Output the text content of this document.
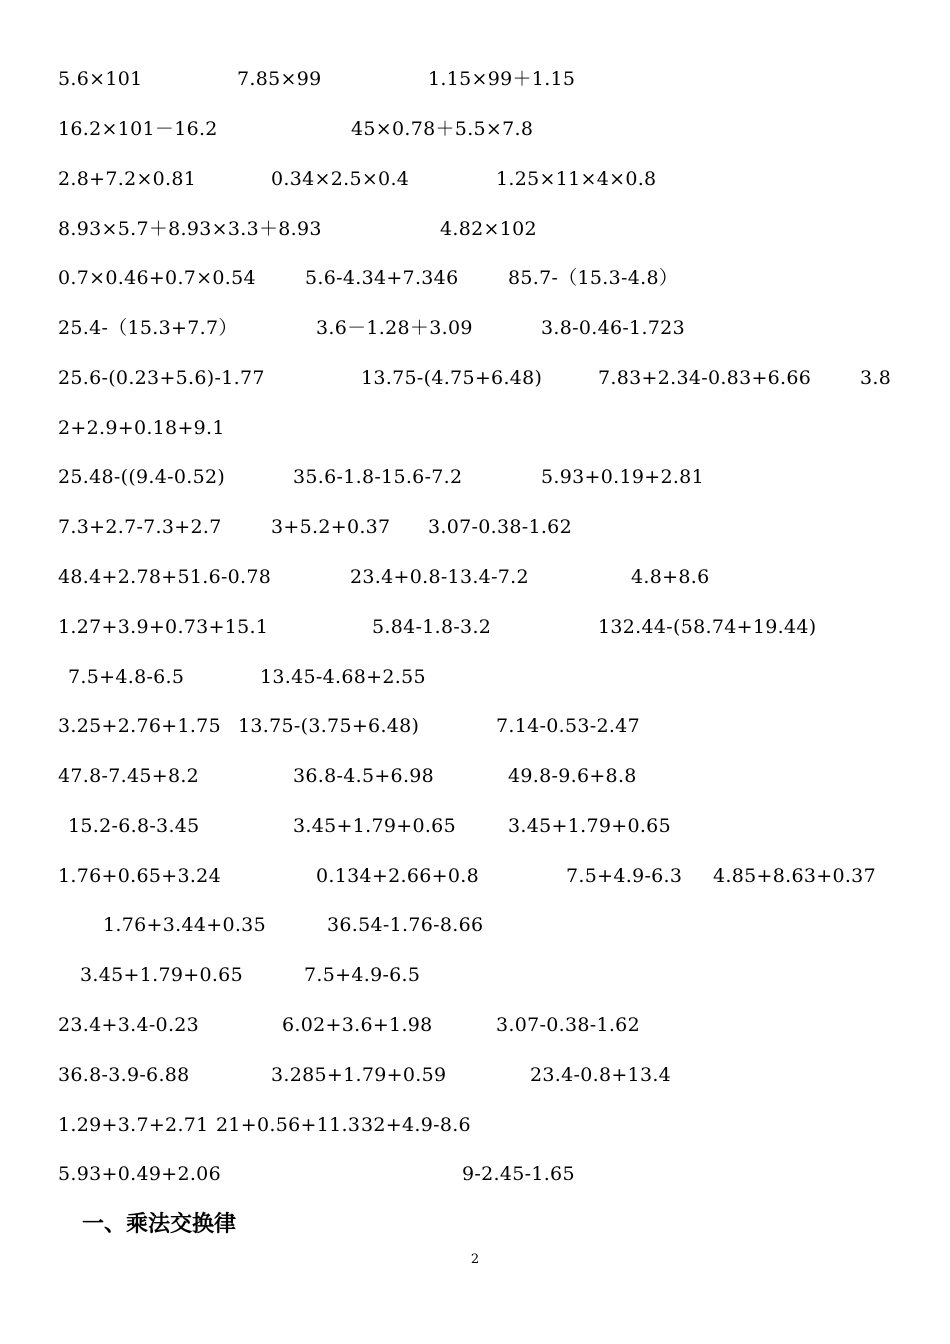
5.6×101	7.85×99	1.15×99＋1.15
16.2×101－16.2	45×0.78＋5.5×7.8
2.8+7.2×0.81	0.34×2.5×0.4	1.25×11×4×0.8
8.93×5.7＋8.93×3.3＋8.93	4.82×102
0.7×0.46+0.7×0.54	5.6-4.34+7.346	85.7-（15.3-4.8）
25.4-（15.3+7.7）	3.6－1.28＋3.09	3.8-0.46-1.723
25.6-(0.23+5.6)-1.77	13.75-(4.75+6.48)	7.83+2.34-0.83+6.66	3.8
2+2.9+0.18+9.1
25.48-((9.4-0.52)	35.6-1.8-15.6-7.2	5.93+0.19+2.81
7.3+2.7-7.3+2.7	3+5.2+0.37 3.07-0.38-1.62
48.4+2.78+51.6-0.78	23.4+0.8-13.4-7.2	4.8+8.6
1.27+3.9+0.73+15.1	5.84-1.8-3.2	132.44-(58.74+19.44)
7.5+4.8-6.5	13.45-4.68+2.55
3.25+2.76+1.75 13.75-(3.75+6.48)	7.14-0.53-2.47
47.8-7.45+8.2	36.8-4.5+6.98	49.8-9.6+8.8
15.2-6.8-3.45	3.45+1.79+0.65	3.45+1.79+0.65
1.76+0.65+3.24	0.134+2.66+0.8	7.5+4.9-6.3 4.85+8.63+0.37
1.76+3.44+0.35	36.54-1.76-8.66
3.45+1.79+0.65	7.5+4.9-6.5
23.4+3.4-0.23	6.02+3.6+1.98	3.07-0.38-1.62
36.8-3.9-6.88	3.285+1.79+0.59	23.4-0.8+13.4
1.29+3.7+2.71 21+0.56+11.3 32+4.9-8.6
5.93+0.49+2.06	9-2.45-1.65
一、乘法交换律
2
